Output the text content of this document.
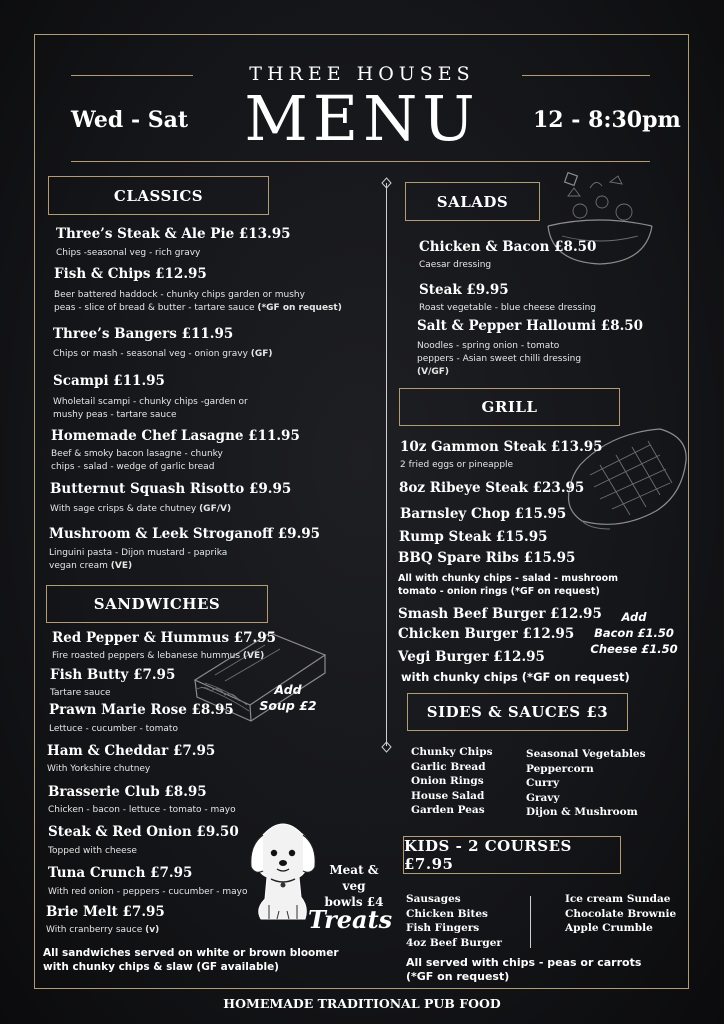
THREE HOUSES
MENU
Wed - Sat	12 - 8:30pm
CLASSICS
Three’s Steak & Ale Pie £13.95
Chips -seasonal veg - rich gravy
Fish & Chips £12.95
Beer battered haddock - chunky chips garden or mushy
peas - slice of bread & butter - tartare sauce (*GF on request)
Three’s Bangers £11.95
Chips or mash - seasonal veg - onion gravy (GF)
Scampi £11.95
Wholetail scampi - chunky chips -garden or
mushy peas - tartare sauce
Homemade Chef Lasagne £11.95
Beef & smoky bacon lasagne - chunky
chips - salad - wedge of garlic bread
Butternut Squash Risotto £9.95
With sage crisps & date chutney (GF/V)
Mushroom & Leek Stroganoff £9.95
Linguini pasta - Dijon mustard - paprika
vegan cream (VE)
SANDWICHES
Red Pepper & Hummus £7.95
Fire roasted peppers & lebanese hummus (VE)
Fish Butty £7.95
Tartare sauce
Prawn Marie Rose £8.95
Lettuce - cucumber - tomato
Add
Soup £2
Ham & Cheddar £7.95
With Yorkshire chutney
Brasserie Club £8.95
Chicken - bacon - lettuce - tomato - mayo
Steak & Red Onion £9.50
Topped with cheese
Tuna Crunch £7.95
With red onion - peppers - cucumber - mayo
Brie Melt £7.95
With cranberry sauce (v)
All sandwiches served on white or brown bloomer
with chunky chips & slaw (GF available)
Meat & veg
bowls £4
Treats
SALADS
Chicken & Bacon £8.50
Caesar dressing
Steak £9.95
Roast vegetable - blue cheese dressing
Salt & Pepper Halloumi £8.50
Noodles - spring onion - tomato
peppers - Asian sweet chilli dressing
(V/GF)
GRILL
10z Gammon Steak £13.95
2 fried eggs or pineapple
8oz Ribeye Steak £23.95
Barnsley Chop £15.95
Rump Steak £15.95
BBQ Spare Ribs £15.95
All with chunky chips - salad - mushroom
tomato - onion rings (*GF on request)
Smash Beef Burger £12.95
Chicken Burger £12.95
Vegi Burger £12.95
with chunky chips (*GF on request)
Add
Bacon £1.50
Cheese £1.50
SIDES & SAUCES £3
Chunky Chips
Garlic Bread
Onion Rings
House Salad
Garden Peas
Seasonal Vegetables
Peppercorn
Curry
Gravy
Dijon & Mushroom
KIDS - 2 COURSES £7.95
Sausages
Chicken Bites
Fish Fingers
4oz Beef Burger
Ice cream Sundae
Chocolate Brownie
Apple Crumble
All served with chips - peas or carrots
(*GF on request)
HOMEMADE TRADITIONAL PUB FOOD
